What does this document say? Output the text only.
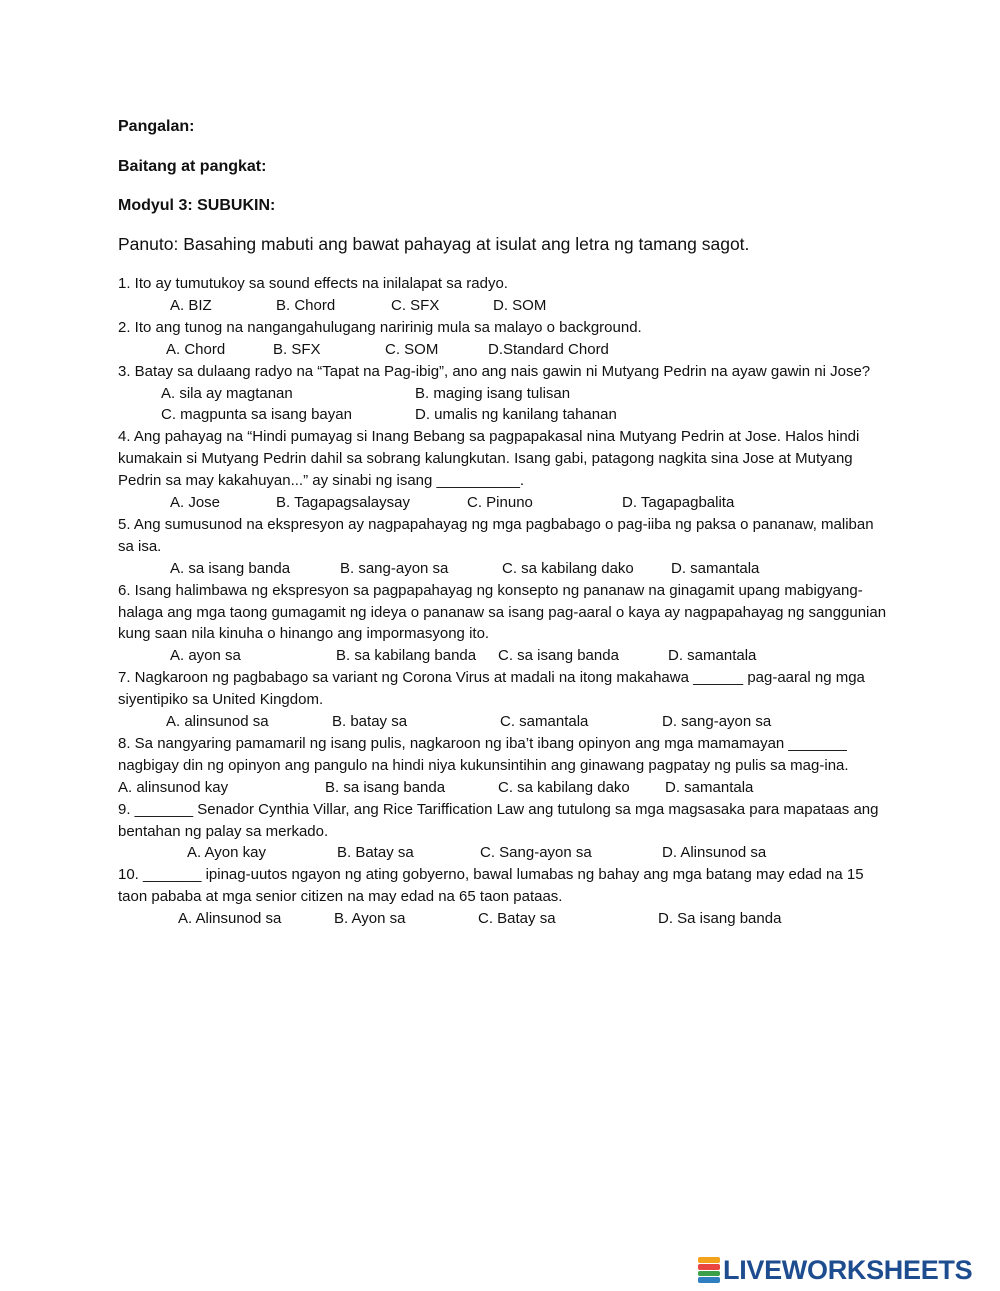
Pangalan:
Baitang at pangkat:
Modyul 3: SUBUKIN:
Panuto: Basahing mabuti ang bawat pahayag at isulat ang letra ng tamang sagot.
1. Ito ay tumutukoy sa sound effects na inilalapat sa radyo.
A. BIZ	B. Chord	C. SFX	D. SOM
2. Ito ang tunog na nangangahulugang naririnig mula sa malayo o background.
A. Chord	B. SFX	C. SOM	D.Standard Chord
3. Batay sa dulaang radyo na “Tapat na Pag-ibig”, ano ang nais gawin ni Mutyang Pedrin na ayaw gawin ni Jose?
A. sila ay magtanan	B. maging isang tulisan
C. magpunta sa isang bayan	D. umalis ng kanilang tahanan
4. Ang pahayag na “Hindi pumayag si Inang Bebang sa pagpapakasal nina Mutyang Pedrin at Jose. Halos hindi kumakain si Mutyang Pedrin dahil sa sobrang kalungkutan. Isang gabi, patagong nagkita sina Jose at Mutyang Pedrin sa may kakahuyan...” ay sinabi ng isang __________.
A. Jose	B. Tagapagsalaysay	C. Pinuno	D. Tagapagbalita
5. Ang sumusunod na ekspresyon ay nagpapahayag ng mga pagbabago o pag-iiba ng paksa o pananaw, maliban sa isa.
A. sa isang banda	B. sang-ayon sa	C. sa kabilang dako D. samantala
6. Isang halimbawa ng ekspresyon sa pagpapahayag ng konsepto ng pananaw na ginagamit upang mabigyang-halaga ang mga taong gumagamit ng ideya o pananaw sa isang pag-aaral o kaya ay nagpapahayag ng sanggunian kung saan nila kinuha o hinango ang impormasyong ito.
A. ayon sa	B. sa kabilang banda C. sa isang banda	D. samantala
7. Nagkaroon ng pagbabago sa variant ng Corona Virus at madali na itong makahawa ______ pag-aaral ng mga siyentipiko sa United Kingdom.
A. alinsunod sa	B. batay sa	C. samantala	D. sang-ayon sa
8. Sa nangyaring pamamaril ng isang pulis, nagkaroon ng iba’t ibang opinyon ang mga mamamayan _______ nagbigay din ng opinyon ang pangulo na hindi niya kukunsintihin ang ginawang pagpatay ng pulis sa mag-ina.
A. alinsunod kay	B. sa isang banda	C. sa kabilang dako D. samantala
9. _______ Senador Cynthia Villar, ang Rice Tariffication Law ang tutulong sa mga magsasaka para mapataas ang bentahan ng palay sa merkado.
A. Ayon kay	B. Batay sa	C. Sang-ayon sa	D. Alinsunod sa
10. _______ ipinag-uutos ngayon ng ating gobyerno, bawal lumabas ng bahay ang mga batang may edad na 15 taon pababa at mga senior citizen na may edad na 65 taon pataas.
A. Alinsunod sa	B. Ayon sa	C. Batay sa	D. Sa isang banda
LIVEWORKSHEETS
